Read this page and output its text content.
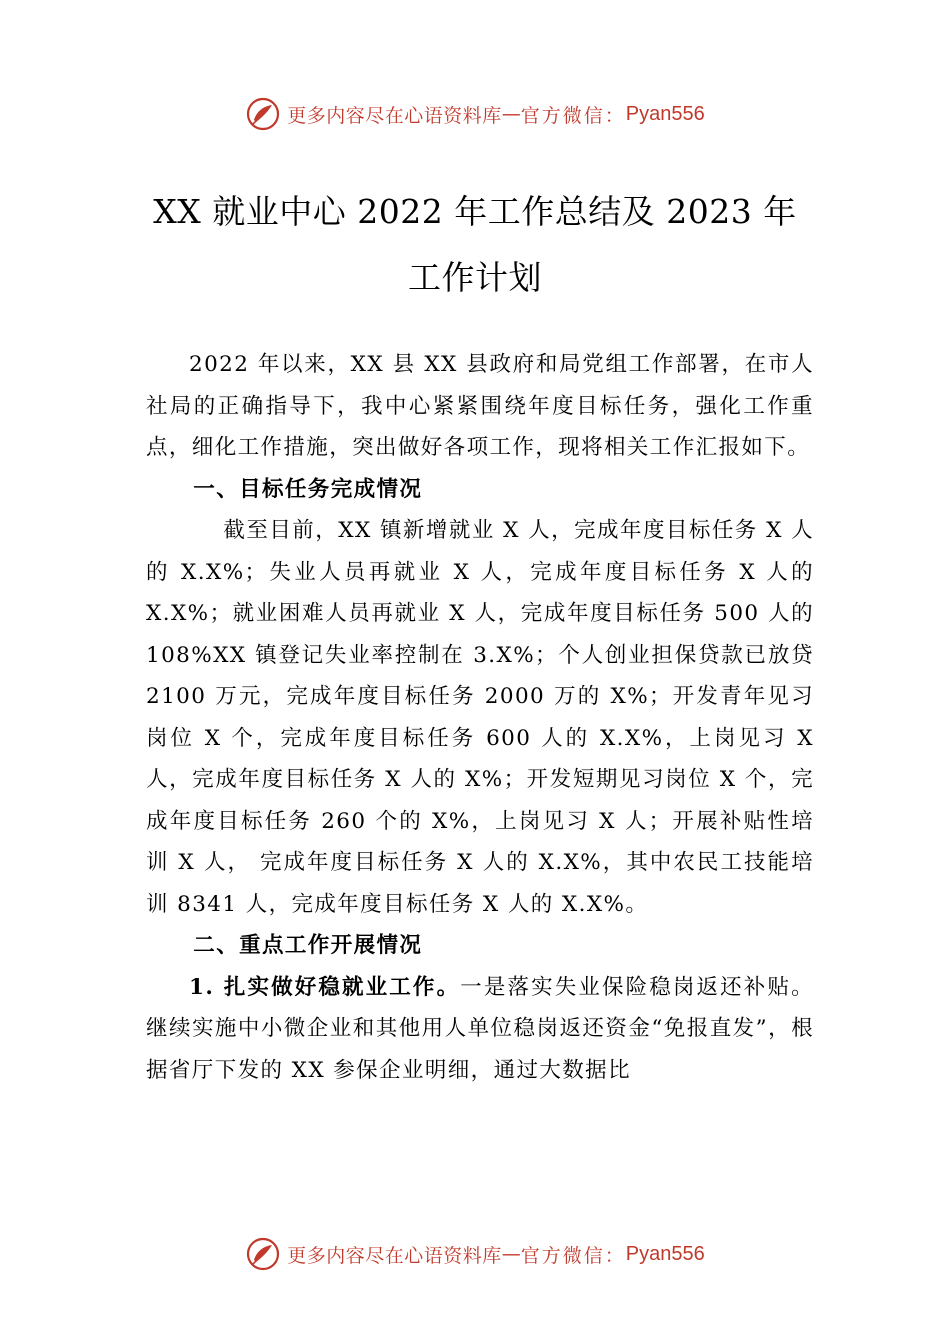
更多内容尽在心语资料库 — 官方微信： Pyan556
XX 就业中心 2022 年工作总结及 2023 年
工作计划

2022 年以来，XX 县 XX 县政府和局党组工作部署，在市人社局的正确指导下，我中心紧紧围绕年度目标任务，强化工作重点，细化工作措施，突出做好各项工作，现将相关工作汇报如下。

一、目标任务完成情况

截至目前，XX 镇新增就业 X 人，完成年度目标任务 X 人的 X.X%；失业人员再就业 X 人，完成年度目标任务 X 人的 X.X%；就业困难人员再就业 X 人，完成年度目标任务 500 人的 108%XX 镇登记失业率控制在 3.X%；个人创业担保贷款已放贷 2100 万元，完成年度目标任务 2000 万的 X%；开发青年见习岗位 X 个，完成年度目标任务 600 人的 X.X%，上岗见习 X 人，完成年度目标任务 X 人的 X%；开发短期见习岗位 X 个，完成年度目标任务 260 个的 X%，上岗见习 X 人；开展补贴性培训 X 人， 完成年度目标任务 X 人的 X.X%，其中农民工技能培训 8341 人，完成年度目标任务 X 人的 X.X%。

二、重点工作开展情况

1. 扎实做好稳就业工作。一是落实失业保险稳岗返还补贴。继续实施中小微企业和其他用人单位稳岗返还资金“免报直发”，根据省厅下发的 XX 参保企业明细，通过大数据比

更多内容尽在心语资料库 — 官方微信： Pyan556
